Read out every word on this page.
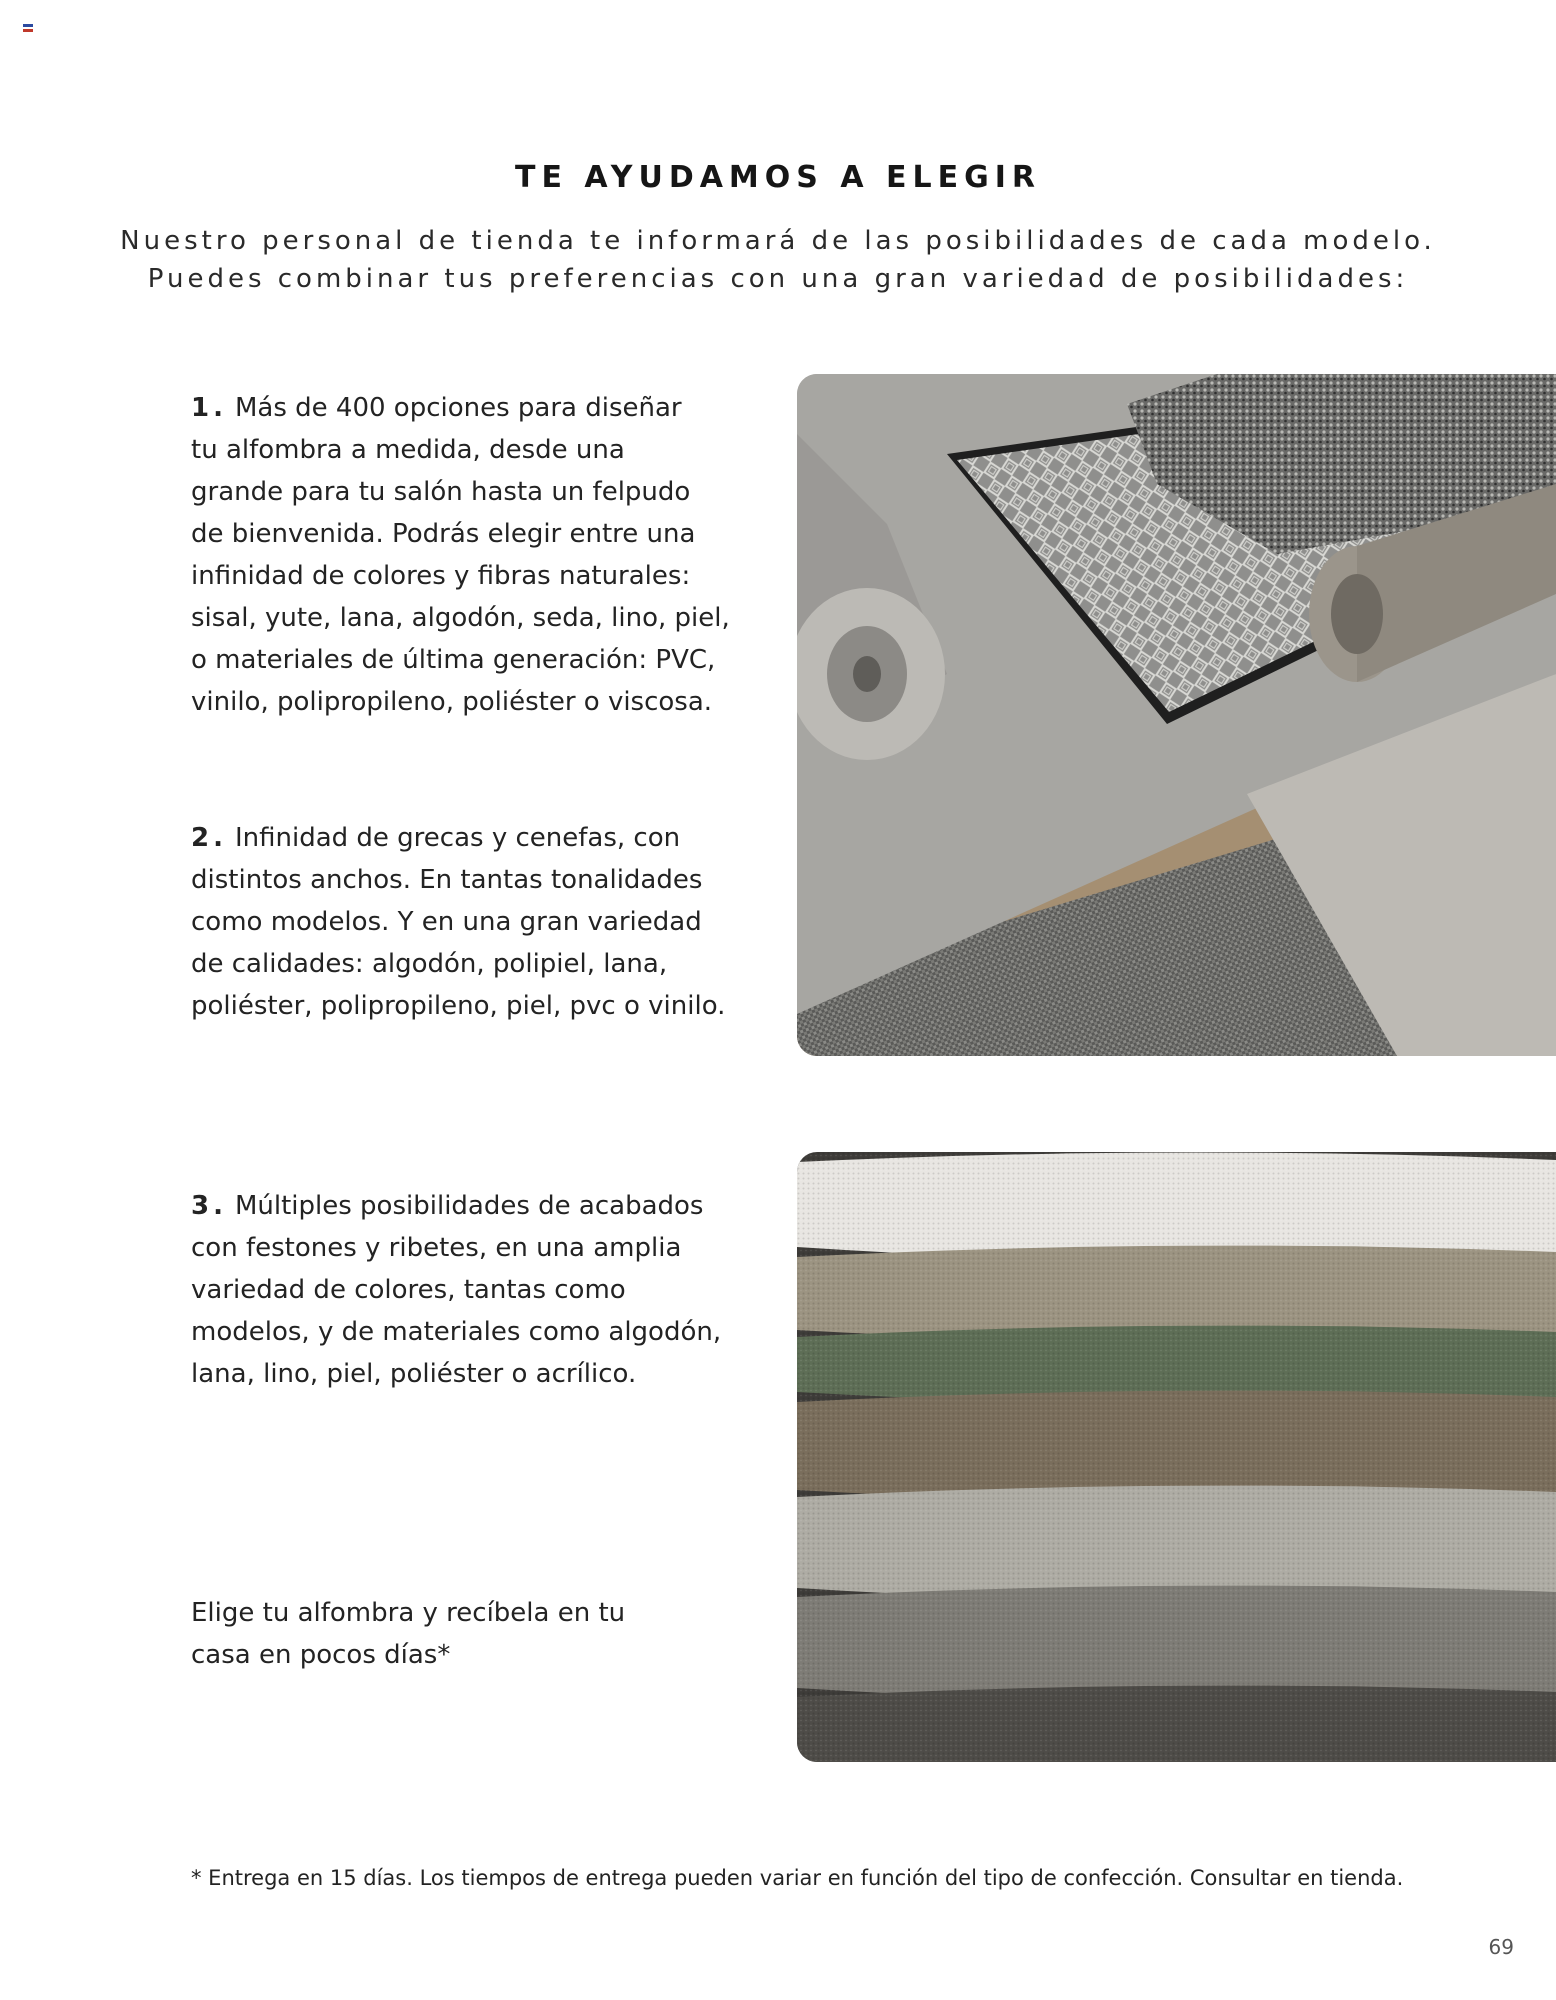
TE AYUDAMOS A ELEGIR
Nuestro personal de tienda te informará de las posibilidades de cada modelo.
Puedes combinar tus preferencias con una gran variedad de posibilidades:
1. Más de 400 opciones para diseñar
tu alfombra a medida, desde una
grande para tu salón hasta un felpudo
de bienvenida. Podrás elegir entre una
infinidad de colores y fibras naturales:
sisal, yute, lana, algodón, seda, lino, piel,
o materiales de última generación: PVC,
vinilo, polipropileno, poliéster o viscosa.
2. Infinidad de grecas y cenefas, con
distintos anchos. En tantas tonalidades
como modelos. Y en una gran variedad
de calidades: algodón, polipiel, lana,
poliéster, polipropileno, piel, pvc o vinilo.
3. Múltiples posibilidades de acabados
con festones y ribetes, en una amplia
variedad de colores, tantas como
modelos, y de materiales como algodón,
lana, lino, piel, poliéster o acrílico.
Elige tu alfombra y recíbela en tu
casa en pocos días*
* Entrega en 15 días. Los tiempos de entrega pueden variar en función del tipo de confección. Consultar en tienda.
69
